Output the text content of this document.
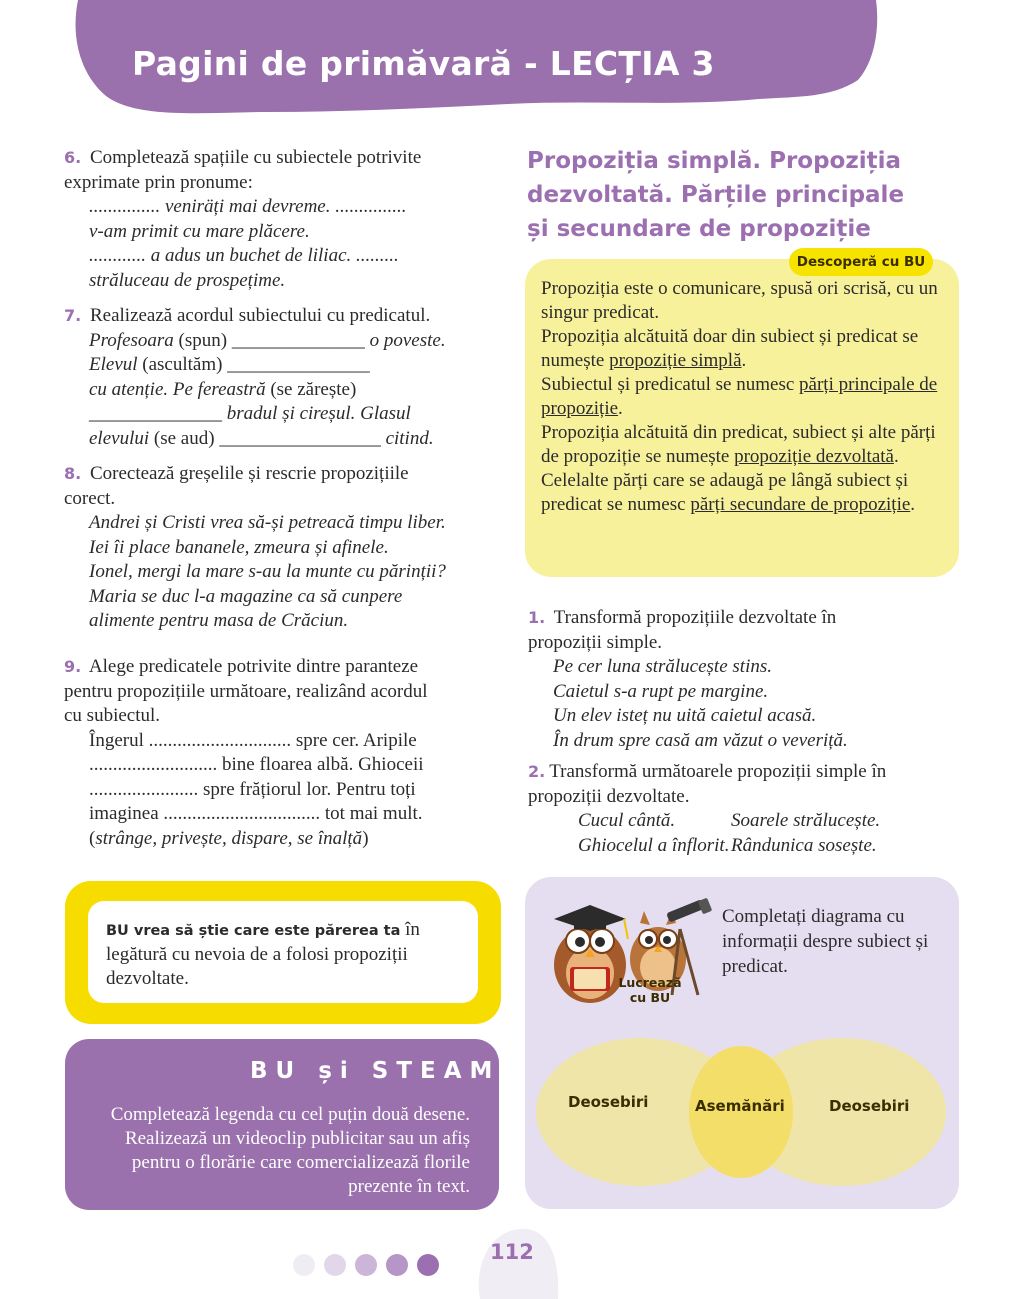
Pagini de primăvară - LECȚIA 3
6. Completează spațiile cu subiectele potrivite
exprimate prin pronume:
............... veniräți mai devreme. ...............
v-am primit cu mare plăcere.
............ a adus un buchet de liliac. .........
străluceau de prospețime.
7. Realizează acordul subiectului cu predicatul.
Profesoara (spun) ______________ o poveste.
Elevul (ascultăm) _______________
cu atenție. Pe fereastră (se zărește)
______________ bradul și cireșul. Glasul
elevului (se aud) _________________ citind.
8. Corectează greșelile și rescrie propozițiile
corect.
Andrei și Cristi vrea să-și petreacă timpu liber.
Iei îi place bananele, zmeura și afinele.
Ionel, mergi la mare s-au la munte cu părinții?
Maria se duc l-a magazine ca să cunpere
alimente pentru masa de Crăciun.
9. Alege predicatele potrivite dintre paranteze
pentru propozițiile următoare, realizând acordul
cu subiectul.
Îngerul .............................. spre cer. Aripile
........................... bine floarea albă. Ghioceii
....................... spre frățiorul lor. Pentru toți
imaginea ................................. tot mai mult.
(strânge, privește, dispare, se înalță)
Propoziția simplă. Propoziția
dezvoltată. Părțile principale
și secundare de propoziție
Descoperă cu BU

Propoziția este o comunicare, spusă ori scrisă, cu un singur predicat.

Propoziția alcătuită doar din subiect și predicat se numește propoziție simplă.

Subiectul și predicatul se numesc părți principale de propoziție.

Propoziția alcătuită din predicat, subiect și alte părți de propoziție se numește propoziție dezvoltată.

Celelalte părți care se adaugă pe lângă subiect și predicat se numesc părți secundare de propoziție.

1. Transformă propozițiile dezvoltate în
propoziții simple.
Pe cer luna strălucește stins.
Caietul s-a rupt pe margine.
Un elev isteț nu uită caietul acasă.
În drum spre casă am văzut o veveriță.
2. Transformă următoarele propoziții simple în
propoziții dezvoltate.
Cucul cântă.
Ghiocelul a înflorit.
Soarele strălucește.
Rândunica sosește.
BU vrea să știe care este părerea ta în legătură cu nevoia de a folosi propoziții dezvoltate.
BU și STEAM
Completează legenda cu cel puțin două desene. Realizează un videoclip publicitar sau un afiș pentru o florărie care comercializează florile prezente în text.
Lucrează
cu BU
Completați diagrama cu informații despre subiect și predicat.
Deosebiri	Asemănări	Deosebiri
112
